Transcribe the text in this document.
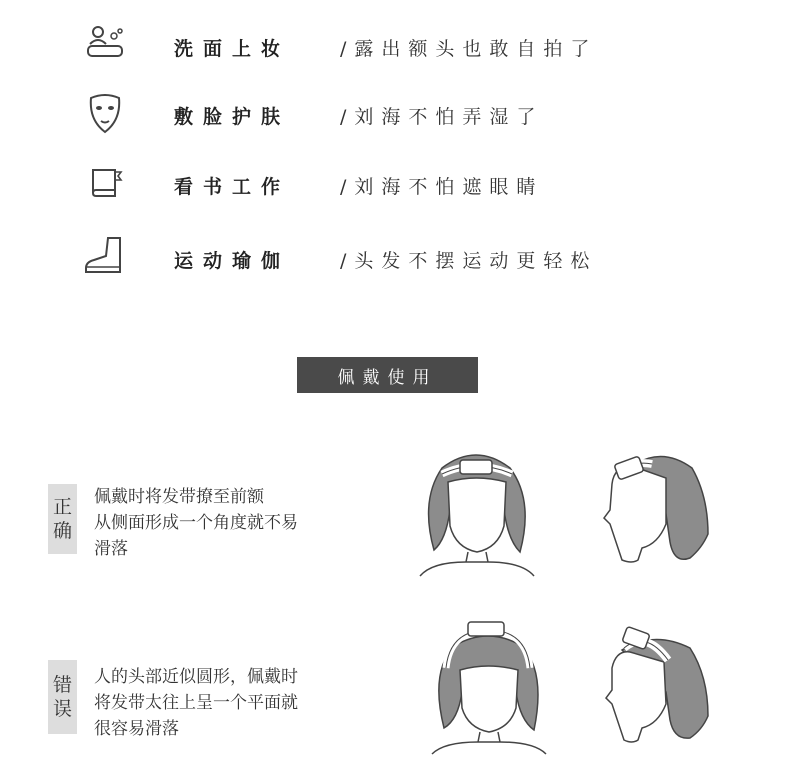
洗面上妆	/露出额头也敢自拍了
敷脸护肤	/刘海不怕弄湿了
看书工作	/刘海不怕遮眼睛
运动瑜伽	/头发不摆运动更轻松
佩戴使用
正
确
佩戴时将发带撩至前额
从侧面形成一个角度就不易
滑落
错
误
人的头部近似圆形，佩戴时
将发带太往上呈一个平面就
很容易滑落
